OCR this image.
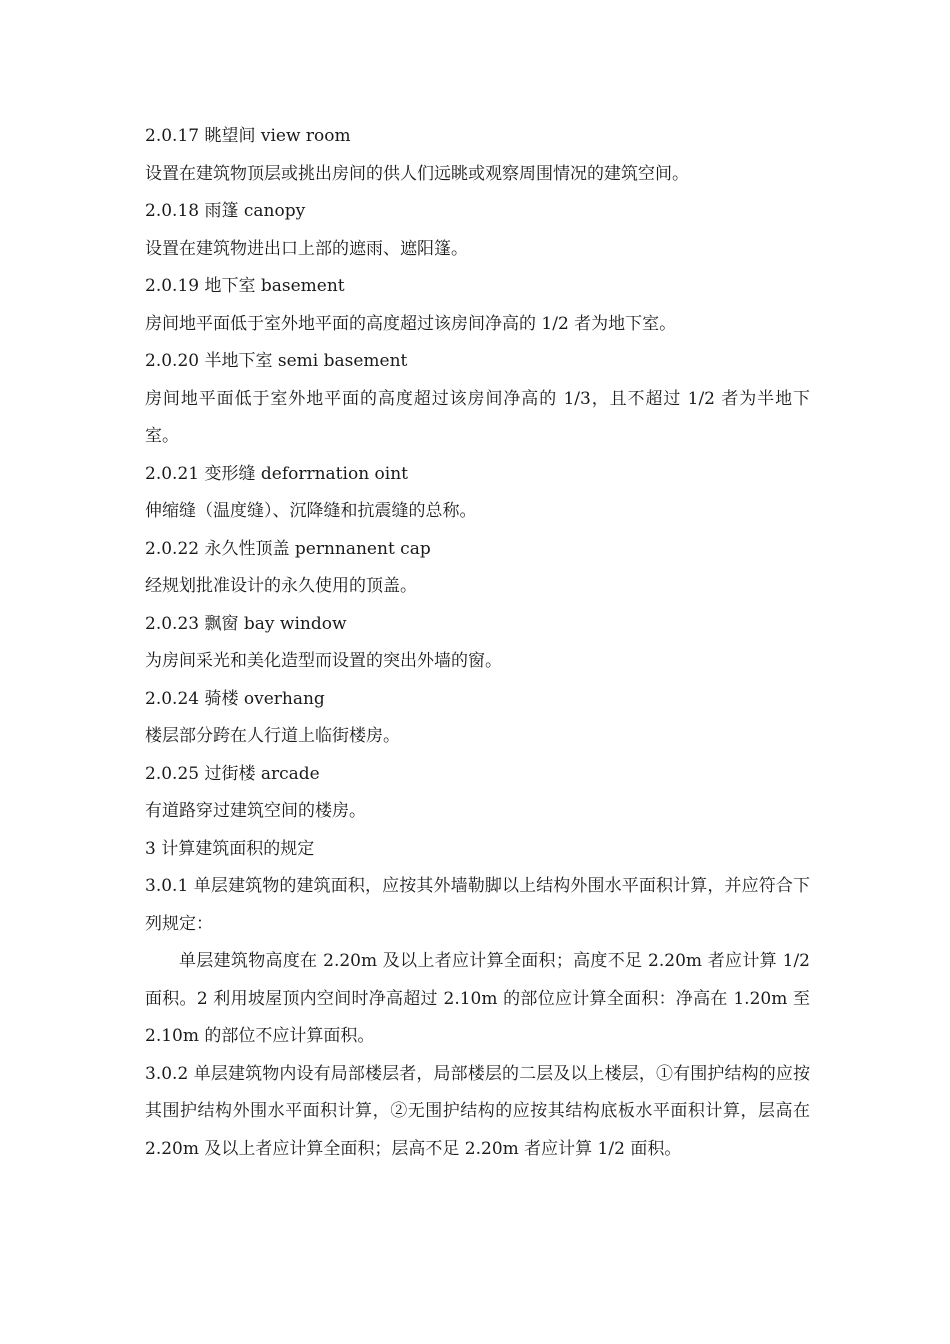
2.0.17 眺望间 view room

设置在建筑物顶层或挑出房间的供人们远眺或观察周围情况的建筑空间。

2.0.18 雨篷 canopy

设置在建筑物进出口上部的遮雨、遮阳篷。

2.0.19 地下室 basement

房间地平面低于室外地平面的高度超过该房间净高的 1/2 者为地下室。

2.0.20 半地下室 semi basement

房间地平面低于室外地平面的高度超过该房间净高的 1/3，且不超过 1/2 者为半地下室。

2.0.21 变形缝 deforrnation oint

伸缩缝（温度缝）、沉降缝和抗震缝的总称。

2.0.22 永久性顶盖 pernnanent cap

经规划批准设计的永久使用的顶盖。

2.0.23 飘窗 bay window

为房间采光和美化造型而设置的突出外墙的窗。

2.0.24 骑楼 overhang

楼层部分跨在人行道上临街楼房。

2.0.25 过街楼 arcade

有道路穿过建筑空间的楼房。

3 计算建筑面积的规定

3.0.1 单层建筑物的建筑面积，应按其外墙勒脚以上结构外围水平面积计算，并应符合下列规定：

单层建筑物高度在 2.20m 及以上者应计算全面积；高度不足 2.20m 者应计算 1/2 面积。2 利用坡屋顶内空间时净高超过 2.10m 的部位应计算全面积：净高在 1.20m 至 2.10m 的部位不应计算面积。

3.0.2 单层建筑物内设有局部楼层者，局部楼层的二层及以上楼层，①有围护结构的应按其围护结构外围水平面积计算，②无围护结构的应按其结构底板水平面积计算，层高在 2.20m 及以上者应计算全面积；层高不足 2.20m 者应计算 1/2 面积。
